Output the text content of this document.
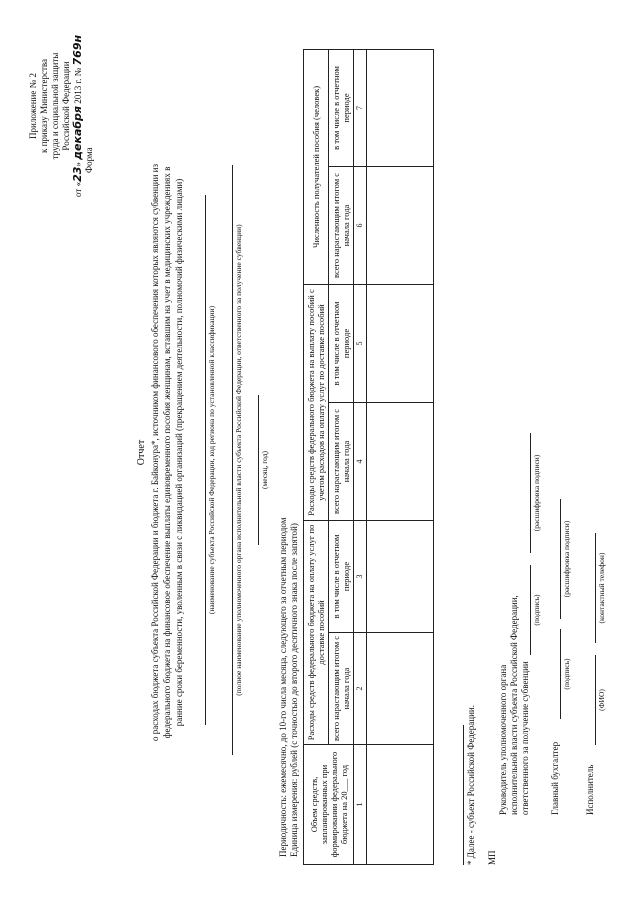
Приложение № 2 к приказу Министерства труда и социальной защиты Российской Федерации
от «23» декабря 2013 г. № 769н
Форма
Отчет о расходах бюджета субъекта Российской Федерации и бюджета г. Байконура*, источником финансового обеспечения которых являются субвенции из федерального бюджета на финансовое обеспечение выплаты единовременного пособия женщинам, вставшим на учет в медицинских учреждениях в ранние сроки беременности, уволенным в связи с ликвидацией организаций (прекращением деятельности, полномочий физическими лицами)	(наименование субъекта Российской Федерации, код региона по установленной классификации) (полное наименование уполномоченного органа исполнительной власти субъекта Российской Федерации, ответственного за получение субвенции) (месяц, год)
Периодичность: ежемесячно, до 10-го числа месяца, следующего за отчетным периодом Единица измерения: рублей (с точностью до второго десятичного знака после запятой) Объем средств, запланированных при формировании федерального бюджета на 20___ год	Расходы средств федерального бюджета на оплату услуг по доставке пособий		Расходы средств федерального бюджета на выплату пособий с учетом расходов на оплату услуг по доставке пособий		Численность получателей пособия (человек)	
	всего нарастающим итогом с начала года	в том числе в отчетном периоде	всего нарастающим итогом с начала года	в том числе в отчетном периоде	всего нарастающим итогом с начала года	в том числе в отчетном периоде
1	2	3	4	5	6	7

* Далее - субъект Российской Федерации. МП
Руководитель уполномоченного органа исполнительной власти субъекта Российской Федерации, ответственного за получение субвенции
(подпись)
(расшифровка подписи)
Главный бухгалтер
(подпись)
(расшифровка подписи)
Исполнитель
(ФИО)
(контактный телефон)
